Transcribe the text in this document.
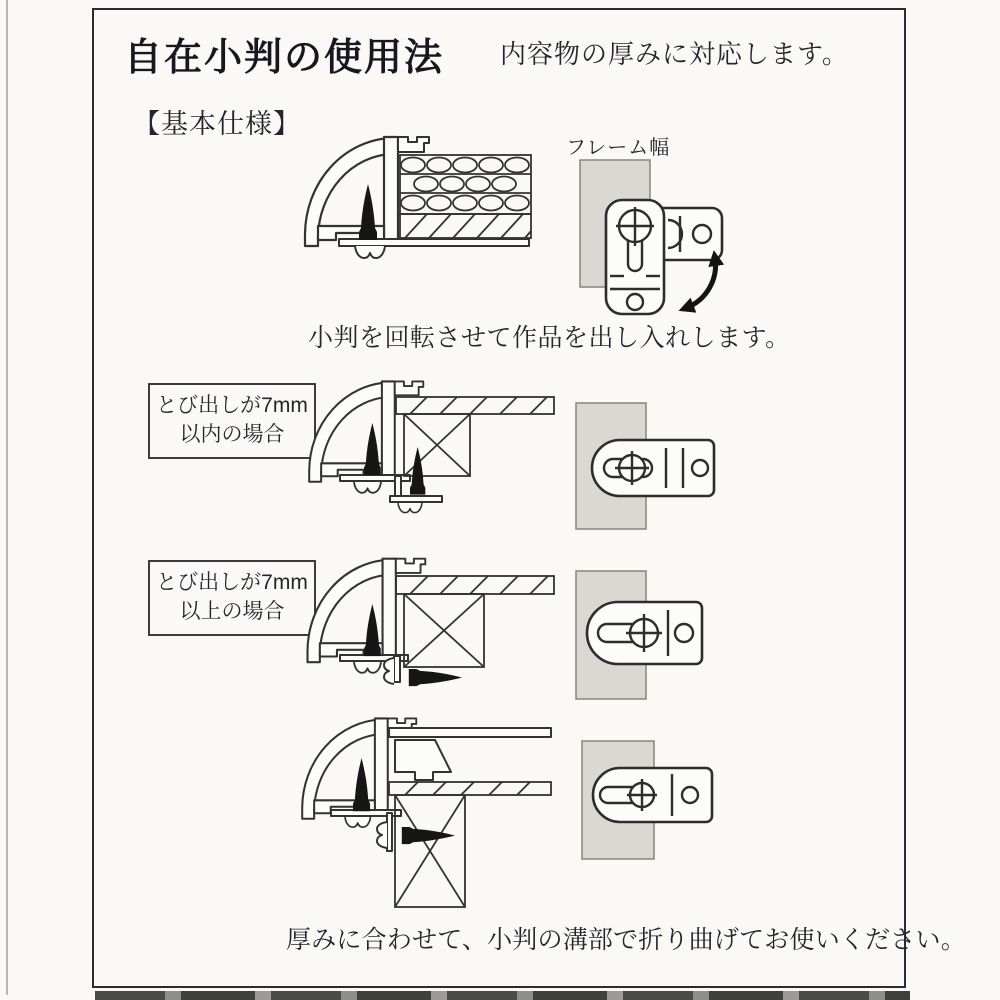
自在小判の使用法 内容物の厚みに対応します。
【基本仕様】
フレーム幅
小判を回転させて作品を出し入れします。
とび出しが7mm
以内の場合
とび出しが7mm
以上の場合
厚みに合わせて、小判の溝部で折り曲げてお使いください。
